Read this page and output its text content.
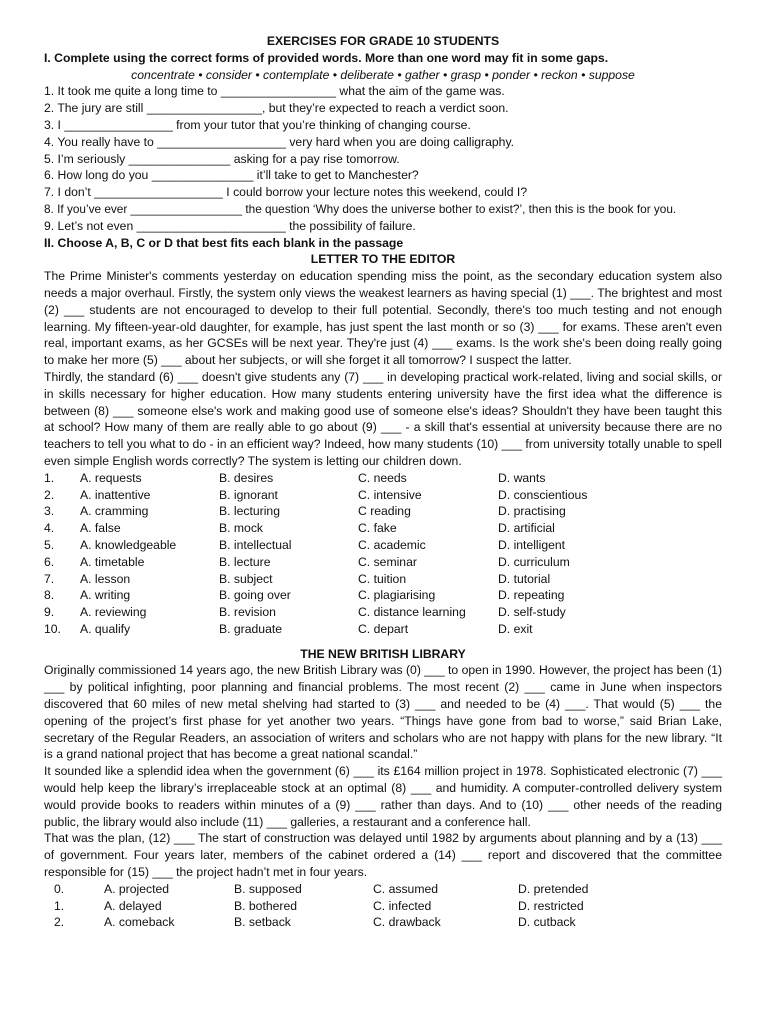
EXERCISES FOR GRADE 10 STUDENTS
I. Complete using the correct forms of provided words. More than one word may fit in some gaps.
concentrate • consider • contemplate • deliberate • gather • grasp • ponder • reckon • suppose
1. It took me quite a long time to _________________ what the aim of the game was.
2. The jury are still _________________, but they’re expected to reach a verdict soon.
3. I ________________ from your tutor that you’re thinking of changing course.
4. You really have to ___________________ very hard when you are doing calligraphy.
5. I’m seriously _______________ asking for a pay rise tomorrow.
6. How long do you _______________ it’ll take to get to Manchester?
7. I don’t ___________________ I could borrow your lecture notes this weekend, could I?
8. If you’ve ever _________________ the question ‘Why does the universe bother to exist?’, then this is the book for you.
9. Let’s not even ______________________ the possibility of failure.
II. Choose A, B, C or D that best fits each blank in the passage
LETTER TO THE EDITOR
The Prime Minister's comments yesterday on education spending miss the point, as the secondary education system also needs a major overhaul. Firstly, the system only views the weakest learners as having special (1) ___. The brightest and most (2) ___ students are not encouraged to develop to their full potential. Secondly, there's too much testing and not enough learning. My fifteen-year-old daughter, for example, has just spent the last month or so (3) ___ for exams. These aren't even real, important exams, as her GCSEs will be next year. They're just (4) ___ exams. Is the work she's been doing really going to make her more (5) ___ about her subjects, or will she forget it all tomorrow? I suspect the latter.
Thirdly, the standard (6) ___ doesn't give students any (7) ___ in developing practical work-related, living and social skills, or in skills necessary for higher education. How many students entering university have the first idea what the difference is between (8) ___ someone else's work and making good use of someone else's ideas? Shouldn't they have been taught this at school? How many of them are really able to go about (9) ___ - a skill that's essential at university because there are no teachers to tell you what to do - in an efficient way? Indeed, how many students (10) ___ from university totally unable to spell even simple English words correctly? The system is letting our children down.
1.	A. requests	B. desires	C. needs	D. wants
2.	A. inattentive	B. ignorant	C. intensive	D. conscientious
3.	A. cramming	B. lecturing	C reading	D. practising
4.	A. false	B. mock	C. fake	D. artificial
5.	A. knowledgeable	B. intellectual	C. academic	D. intelligent
6.	A. timetable	B. lecture	C. seminar	D. curriculum
7.	A. lesson	B. subject	C. tuition	D. tutorial
8.	A. writing	B. going over	C. plagiarising	D. repeating
9.	A. reviewing	B. revision	C. distance learning	D. self-study
10.	A. qualify	B. graduate	C. depart	D. exit
THE NEW BRITISH LIBRARY
Originally commissioned 14 years ago, the new British Library was (0) ___ to open in 1990. However, the project has been (1) ___ by political infighting, poor planning and financial problems. The most recent (2) ___ came in June when inspectors discovered that 60 miles of new metal shelving had started to (3) ___ and needed to be (4) ___. That would (5) ___ the opening of the project’s first phase for yet another two years. “Things have gone from bad to worse,” said Brian Lake, secretary of the Regular Readers, an association of writers and scholars who are not happy with plans for the new library. “It is a grand national project that has become a great national scandal.”
It sounded like a splendid idea when the government (6) ___ its £164 million project in 1978. Sophisticated electronic (7) ___ would help keep the library’s irreplaceable stock at an optimal (8) ___ and humidity. A computer-controlled delivery system would provide books to readers within minutes of a (9) ___ rather than days. And to (10) ___ other needs of the reading public, the library would also include (11) ___ galleries, a restaurant and a conference hall.
That was the plan, (12) ___ The start of construction was delayed until 1982 by arguments about planning and by a (13) ___ of government. Four years later, members of the cabinet ordered a (14) ___ report and discovered that the committee responsible for (15) ___ the project hadn’t met in four years.
0.	A. projected	B. supposed	C. assumed	D. pretended
1.	A. delayed	B. bothered	C. infected	D. restricted
2.	A. comeback	B. setback	C. drawback	D. cutback
